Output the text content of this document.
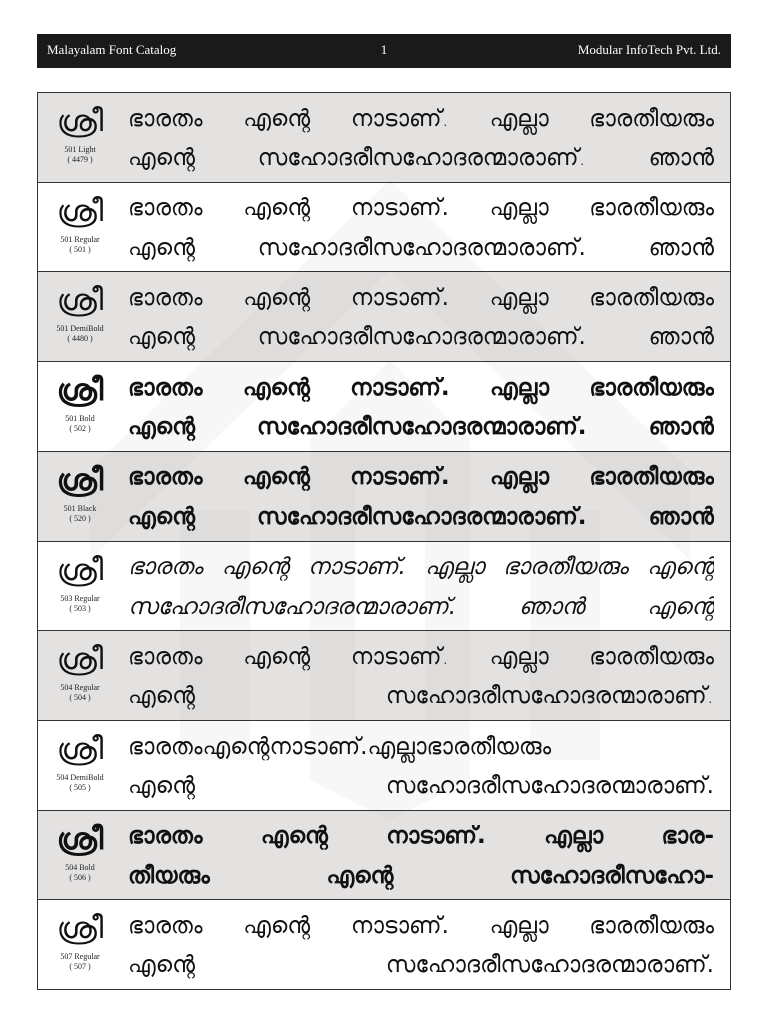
Malayalam Font Catalog	1	Modular InfoTech Pvt. Ltd.
ശ്രീ
501 Light
( 4479 )
ഭാരതം എന്റെ നാടാണ്. എല്ലാ ഭാരതീയരും
എന്റെ സഹോദരീസഹോദരന്മാരാണ്. ഞാൻ
ശ്രീ
501 Regular
( 501 )
ഭാരതം എന്റെ നാടാണ്. എല്ലാ ഭാരതീയരും
എന്റെ സഹോദരീസഹോദരന്മാരാണ്. ഞാൻ
ശ്രീ
501 DemiBold
( 4480 )
ഭാരതം എന്റെ നാടാണ്. എല്ലാ ഭാരതീയരും
എന്റെ സഹോദരീസഹോദരന്മാരാണ്. ഞാൻ
ശ്രീ
501 Bold
( 502 )
ഭാരതം എന്റെ നാടാണ്. എല്ലാ ഭാരതീയരും
എന്റെ സഹോദരീസഹോദരന്മാരാണ്. ഞാൻ
ശ്രീ
501 Black
( 520 )
ഭാരതം എന്റെ നാടാണ്. എല്ലാ ഭാരതീയരും
എന്റെ സഹോദരീസഹോദരന്മാരാണ്. ഞാൻ
ശ്രീ
503 Regular
( 503 )
ഭാരതം എന്റെ നാടാണ്. എല്ലാ ഭാരതീയരും എന്റെ
സഹോദരീസഹോദരന്മാരാണ്. ഞാൻ എന്റെ
ശ്രീ
504 Regular
( 504 )
ഭാരതം എന്റെ നാടാണ്. എല്ലാ ഭാരതീയരും
എന്റെ സഹോദരീസഹോദരന്മാരാണ്.
ശ്രീ
504 DemiBold
( 505 )
ഭാരതംഎന്റെനാടാണ്.എല്ലാഭാരതീയരും
എന്റെ സഹോദരീസഹോദരന്മാരാണ്.
ശ്രീ
504 Bold
( 506 )
ഭാരതം എന്റെ നാടാണ്. എല്ലാ ഭാര-
തീയരും എന്റെ സഹോദരീസഹോ-
ശ്രീ
507 Regular
( 507 )
ഭാരതം എന്റെ നാടാണ്. എല്ലാ ഭാരതീയരും
എന്റെ സഹോദരീസഹോദരന്മാരാണ്.
